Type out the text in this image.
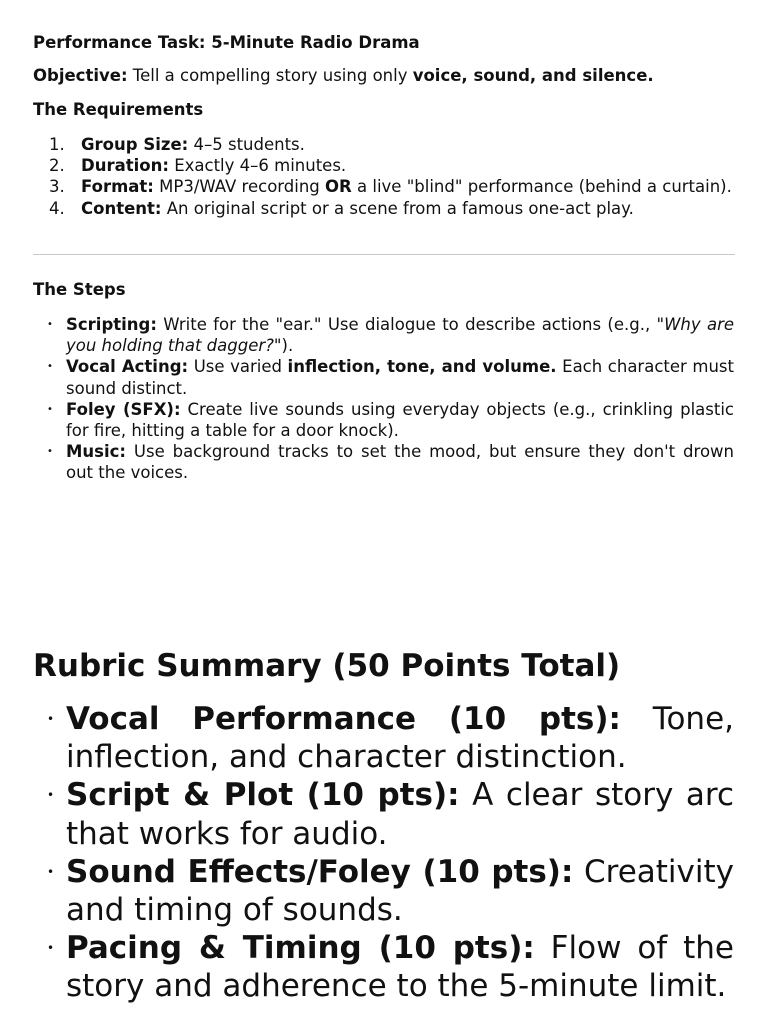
Performance Task: 5-Minute Radio Drama

Objective: Tell a compelling story using only voice, sound, and silence.

The Requirements

1. Group Size: 4–5 students.
2. Duration: Exactly 4–6 minutes.
3. Format: MP3/WAV recording OR a live "blind" performance (behind a curtain).
4. Content: An original script or a scene from a famous one-act play.

The Steps

• Scripting: Write for the "ear." Use dialogue to describe actions (e.g., "Why are you holding that dagger?").
• Vocal Acting: Use varied inflection, tone, and volume. Each character must sound distinct.
• Foley (SFX): Create live sounds using everyday objects (e.g., crinkling plastic for fire, hitting a table for a door knock).
• Music: Use background tracks to set the mood, but ensure they don't drown out the voices.

Rubric Summary (50 Points Total)

• Vocal Performance (10 pts): Tone, inflection, and character distinction.
• Script & Plot (10 pts): A clear story arc that works for audio.
• Sound Effects/Foley (10 pts): Creativity and timing of sounds.
• Pacing & Timing (10 pts): Flow of the story and adherence to the 5-minute limit.
